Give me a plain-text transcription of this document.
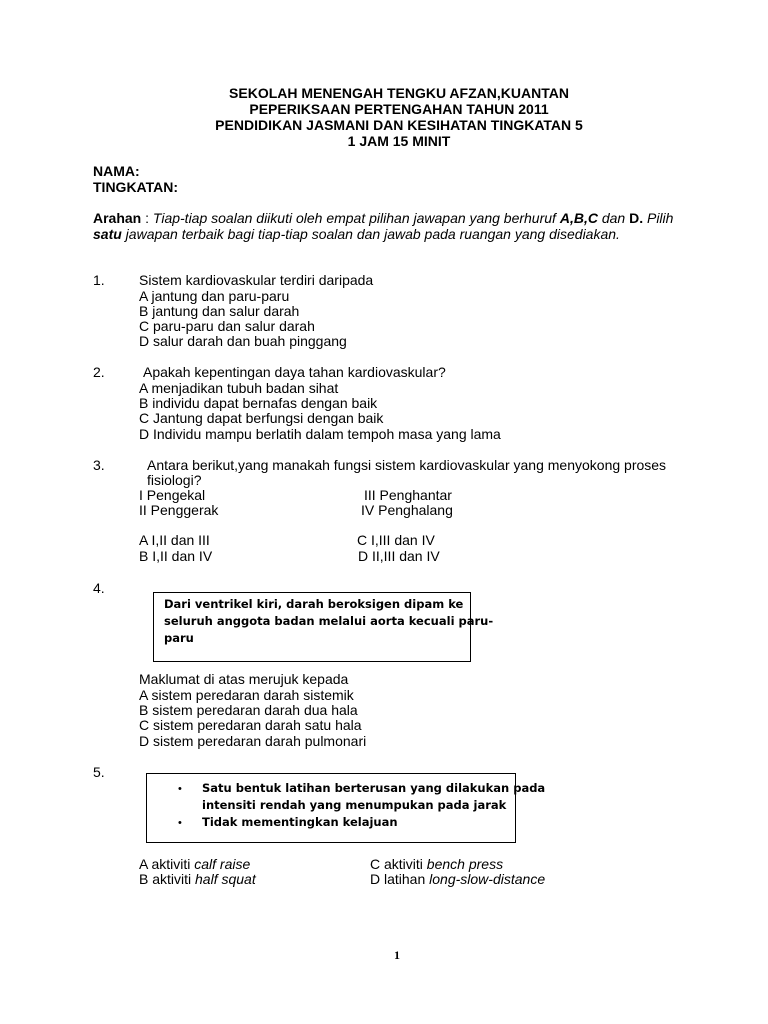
SEKOLAH MENENGAH TENGKU AFZAN,KUANTAN
PEPERIKSAAN PERTENGAHAN TAHUN 2011
PENDIDIKAN JASMANI DAN KESIHATAN TINGKATAN 5
1 JAM 15 MINIT
NAMA:
TINGKATAN:
Arahan : Tiap-tiap soalan diikuti oleh empat pilihan jawapan yang berhuruf A,B,C dan D. Pilih
satu jawapan terbaik bagi tiap-tiap soalan dan jawab pada ruangan yang disediakan.
1. Sistem kardiovaskular terdiri daripada
A jantung dan paru-paru
B jantung dan salur darah
C paru-paru dan salur darah
D salur darah dan buah pinggang
2.	Apakah kepentingan daya tahan kardiovaskular?
A menjadikan tubuh badan sihat
B individu dapat bernafas dengan baik
C Jantung dapat berfungsi dengan baik
D Individu mampu berlatih dalam tempoh masa yang lama
3.	Antara berikut,yang manakah fungsi sistem kardiovaskular yang menyokong proses
fisiologi?
I Pengekal	III Penghantar
II Penggerak	IV Penghalang
A I,II dan III	C I,III dan IV
B I,II dan IV	D II,III dan IV
4.
Dari ventrikel kiri, darah beroksigen dipam ke
seluruh anggota badan melalui aorta kecuali paru-
paru
Maklumat di atas merujuk kepada
A sistem peredaran darah sistemik
B sistem peredaran darah dua hala
C sistem peredaran darah satu hala
D sistem peredaran darah pulmonari
5.
• Satu bentuk latihan berterusan yang dilakukan pada
intensiti rendah yang menumpukan pada jarak
• Tidak mementingkan kelajuan
A aktiviti calf raise	C aktiviti bench press
B aktiviti half squat	D latihan long-slow-distance
1
